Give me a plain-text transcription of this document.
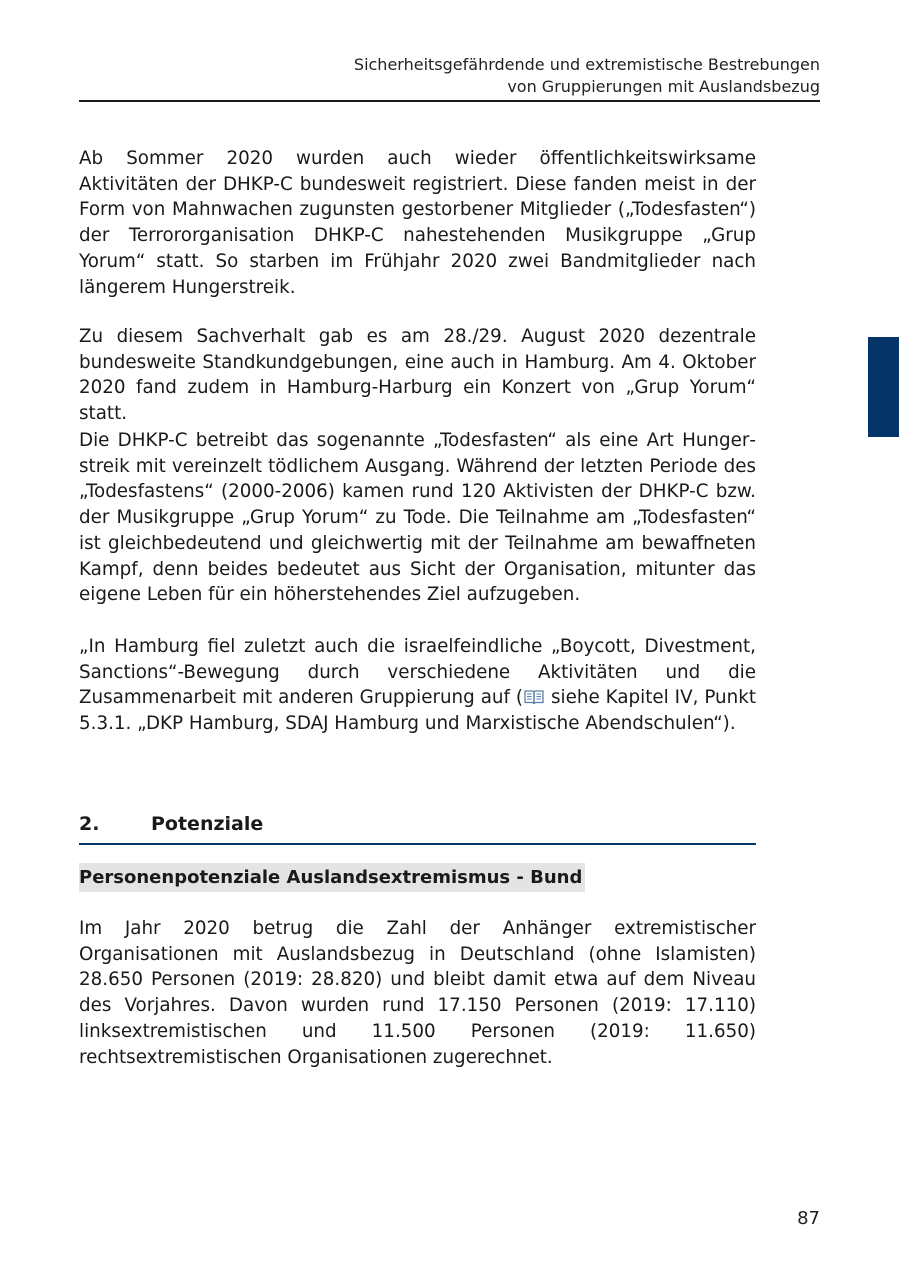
Sicherheitsgefährdende und extremistische Bestrebungen
von Gruppierungen mit Auslandsbezug

Ab Sommer 2020 wurden auch wieder öffentlichkeitswirksame Aktivitäten der DHKP-C bundesweit registriert. Diese fanden meist in der Form von Mahnwachen zugunsten gestorbener Mitglieder („Todesfasten“) der Terrororganisation DHKP-C nahestehenden Musikgruppe „Grup Yorum“ statt. So starben im Frühjahr 2020 zwei Bandmitglieder nach längerem Hungerstreik.

Zu diesem Sachverhalt gab es am 28./29. August 2020 dezentrale bundesweite Standkundgebungen, eine auch in Hamburg. Am 4. Oktober 2020 fand zudem in Hamburg-Harburg ein Konzert von „Grup Yorum“ statt.

Die DHKP-C betreibt das sogenannte „Todesfasten“ als eine Art Hungerstreik mit vereinzelt tödlichem Ausgang. Während der letzten Periode des „Todesfastens“ (2000-2006) kamen rund 120 Aktivisten der DHKP-C bzw. der Musikgruppe „Grup Yorum“ zu Tode. Die Teilnahme am „Todesfasten“ ist gleichbedeutend und gleichwertig mit der Teilnahme am bewaffneten Kampf, denn beides bedeutet aus Sicht der Organisation, mitunter das eigene Leben für ein höherstehendes Ziel aufzugeben.

„In Hamburg fiel zuletzt auch die israelfeindliche „Boycott, Divestment, Sanctions“-Bewegung durch verschiedene Aktivitäten und die Zusammenarbeit mit anderen Gruppierung auf ( siehe Kapitel IV, Punkt 5.3.1. „DKP Hamburg, SDAJ Hamburg und Marxistische Abendschulen“).

2.	Potenziale
Personenpotenziale Auslandsextremismus - Bund

Im Jahr 2020 betrug die Zahl der Anhänger extremistischer Organisationen mit Auslandsbezug in Deutschland (ohne Islamisten) 28.650 Personen (2019: 28.820) und bleibt damit etwa auf dem Niveau des Vorjahres. Davon wurden rund 17.150 Personen (2019: 17.110) linksextremistischen und 11.500 Personen (2019: 11.650) rechtsextremistischen Organisationen zugerechnet.

87
